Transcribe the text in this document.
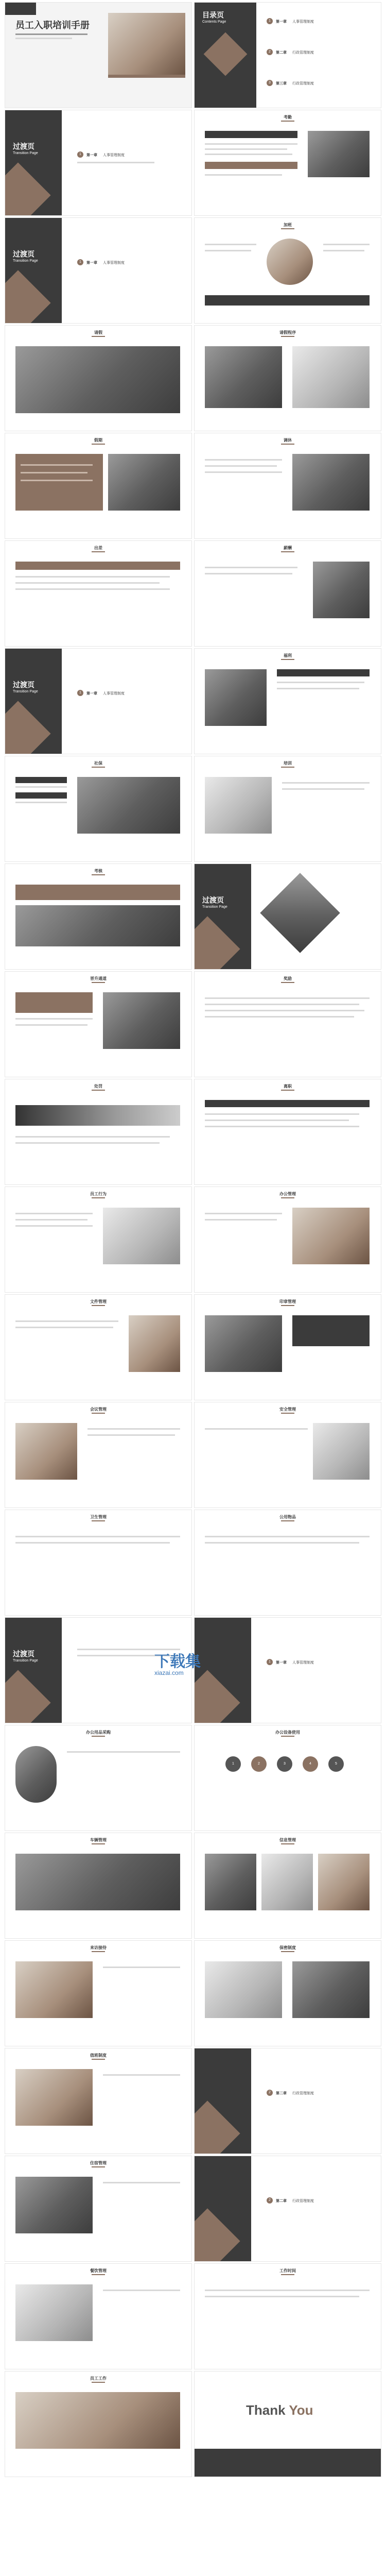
员工入职培训手册
目录页
Contents Page	1	第一章 人事管理制度
2	第二章 行政管理制度
3	第三章 行政管理制度
过渡页
Transition Page	1	第一章 人事管理制度
考勤
过渡页
Transition Page	1	第一章 人事管理制度
加班
请假	请假程序
假期	调休
出差	薪酬
过渡页
Transition Page	1	第一章 人事管理制度
福利
社保	培训
考核
过渡页
Transition Page
晋升通道	奖励
处罚	离职
员工行为	办公管理
文件管理	印章管理
会议管理	安全管理
卫生管理	公用物品
过渡页
Transition Page	1	第一章 人事管理制度
办公用品采购	办公设备使用
1	2	3	4	5
车辆管理	信息管理
来访接待	保密制度
值班制度
2	第二章 行政管理制度
住宿管理
2	第二章 行政管理制度
餐饮管理	工作时间
员工工作
Thank You
下载集
xiazai.com
